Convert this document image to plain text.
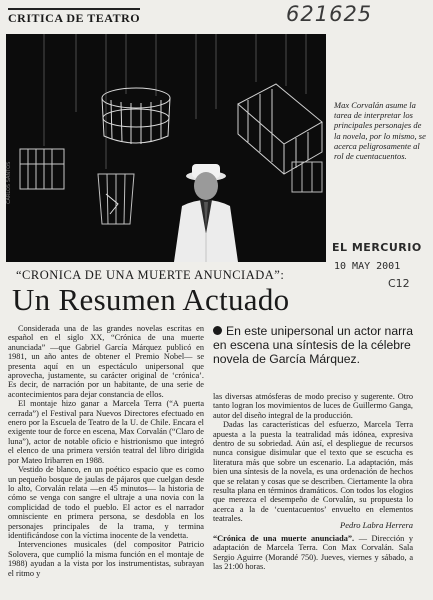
CRITICA DE TEATRO	621625
CARLOS SANTOS
Max Corvalán asume la tarea de interpretar los principales personajes de la novela, por lo mismo, se acerca peligrosamente al rol de cuentacuentos.
EL MERCURIO
10 MAY 2001
C12
“CRONICA DE UNA MUERTE ANUNCIADA”:
Un Resumen Actuado

Considerada una de las grandes novelas escritas en español en el siglo XX, “Crónica de una muerte anunciada” —que Gabriel García Márquez publicó en 1981, un año antes de obtener el Premio Nobel— se presenta aquí en un espectáculo unipersonal que aprovecha, justamente, su carácter original de ‘crónica’. Es decir, de narración por un habitante, de una serie de acontecimientos para dejar constancia de ellos.

El montaje hizo ganar a Marcela Terra (“A puerta cerrada”) el Festival para Nuevos Directores efectuado en enero por la Escuela de Teatro de la U. de Chile. Encara el exigente tour de force en escena, Max Corvalán (“Claro de luna”), actor de notable oficio e histrionismo que integró el elenco de una primera versión teatral del libro dirigida por Mateo Iribarren en 1988.

Vestido de blanco, en un poético espacio que es como un pequeño bosque de jaulas de pájaros que cuelgan desde lo alto, Corvalán relata —en 45 minutos— la historia de cómo se venga con sangre el ultraje a una novia con la complicidad de todo el pueblo. El actor es el narrador omnisciente en primera persona, se desdobla en los personajes principales de la trama, y termina identificándose con la víctima inocente de la vendetta.

Intervenciones musicales (del compositor Patricio Solovera, que cumplió la misma función en el montaje de 1988) ayudan a la vista por los instrumentistas, subrayan el ritmo y

En este unipersonal un actor narra en escena una síntesis de la célebre novela de García Márquez.

las diversas atmósferas de modo preciso y sugerente. Otro tanto logran los movimientos de luces de Guillermo Ganga, autor del diseño integral de la producción.

Dadas las características del esfuerzo, Marcela Terra apuesta a la puesta la teatralidad más idónea, expresiva dentro de su sobriedad. Aún así, el despliegue de recursos nunca consigue disimular que el texto que se escucha es literatura más que sobre un escenario. La adaptación, más bien una síntesis de la novela, es una ordenación de hechos que se relatan y cosas que se describen. Ciertamente la obra resulta plana en términos dramáticos. Con todos los elogios que merezca el desempeño de Corvalán, su propuesta lo acerca a la de ‘cuentacuentos’ envuelto en elementos teatrales.

Pedro Labra Herrera
“Crónica de una muerte anunciada”. — Dirección y adaptación de Marcela Terra. Con Max Corvalán. Sala Sergio Aguirre (Morandé 750). Jueves, viernes y sábado, a las 21:00 horas.
